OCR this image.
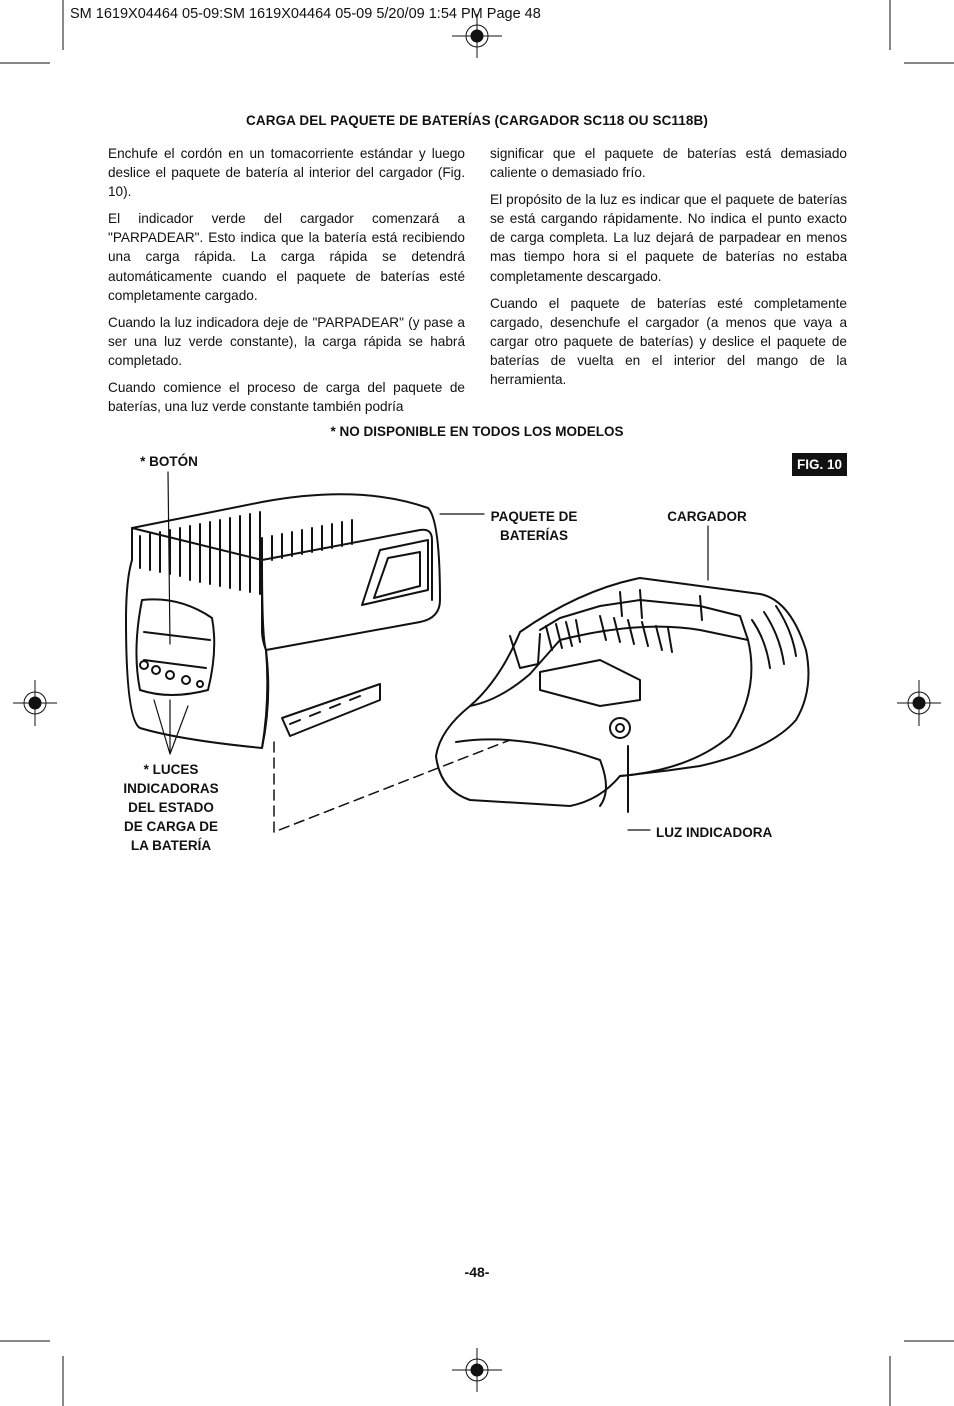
SM 1619X04464 05-09:SM 1619X04464 05-09 5/20/09 1:54 PM Page 48
CARGA DEL PAQUETE DE BATERÍAS (CARGADOR SC118 OU SC118B)

Enchufe el cordón en un tomacorriente estándar y luego deslice el paquete de batería al interior del cargador (Fig. 10).

El indicador verde del cargador comenzará a "PARPADEAR". Esto indica que la batería está recibiendo una carga rápida. La carga rápida se detendrá automáticamente cuando el paquete de baterías esté completamente cargado.

Cuando la luz indicadora deje de "PARPADEAR" (y pase a ser una luz verde constante), la carga rápida se habrá completado.

Cuando comience el proceso de carga del paquete de baterías, una luz verde constante también podría

significar que el paquete de baterías está demasiado caliente o demasiado frío.

El propósito de la luz es indicar que el paquete de baterías se está cargando rápidamente. No indica el punto exacto de carga completa. La luz dejará de parpadear en menos mas tiempo hora si el paquete de baterías no estaba completamente descargado.

Cuando el paquete de baterías esté completamente cargado, desenchufe el cargador (a menos que vaya a cargar otro paquete de baterías) y deslice el paquete de baterías de vuelta en el interior del mango de la herramienta.

* NO DISPONIBLE EN TODOS LOS MODELOS
FIG. 10
* BOTÓN
PAQUETE DE
BATERÍAS
CARGADOR
* LUCES
INDICADORAS
DEL ESTADO
DE CARGA DE
LA BATERÍA
LUZ INDICADORA
-48-
